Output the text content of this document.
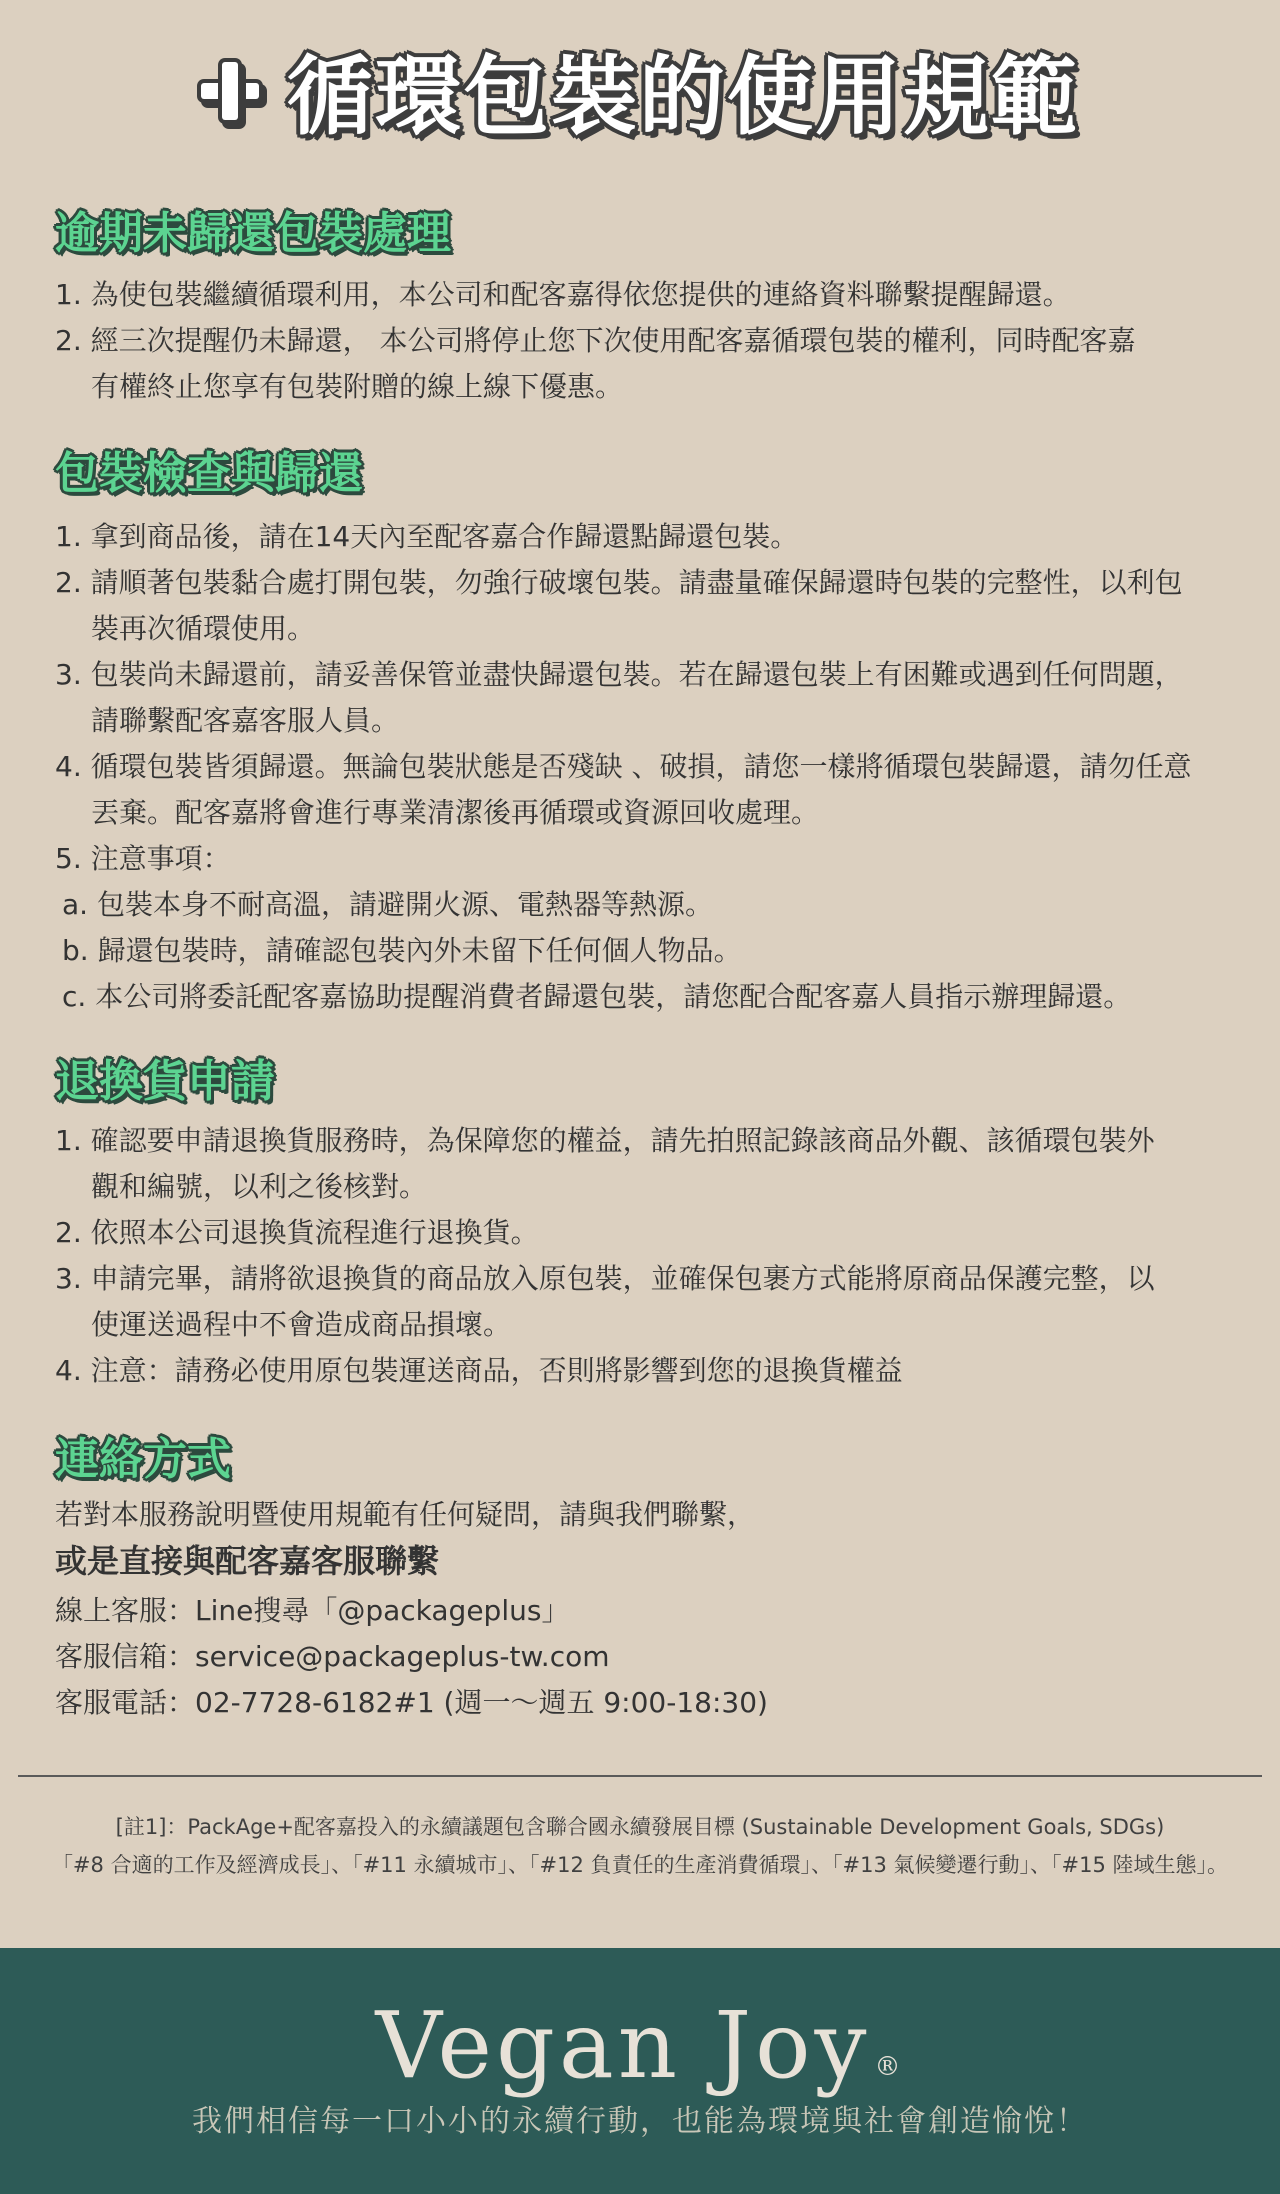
循環包裝的使用規範
逾期未歸還包裝處理
1. 為使包裝繼續循環利用，本公司和配客嘉得依您提供的連絡資料聯繫提醒歸還。
2. 經三次提醒仍未歸還， 本公司將停止您下次使用配客嘉循環包裝的權利，同時配客嘉
有權終止您享有包裝附贈的線上線下優惠。
包裝檢查與歸還
1. 拿到商品後，請在14天內至配客嘉合作歸還點歸還包裝。
2. 請順著包裝黏合處打開包裝，勿強行破壞包裝。請盡量確保歸還時包裝的完整性，以利包
裝再次循環使用。
3. 包裝尚未歸還前，請妥善保管並盡快歸還包裝。若在歸還包裝上有困難或遇到任何問題，
請聯繫配客嘉客服人員。
4. 循環包裝皆須歸還。無論包裝狀態是否殘缺 、破損，請您一樣將循環包裝歸還，請勿任意
丟棄。配客嘉將會進行專業清潔後再循環或資源回收處理。
5. 注意事項：
a. 包裝本身不耐高溫，請避開火源、電熱器等熱源。
b. 歸還包裝時，請確認包裝內外未留下任何個人物品。
c. 本公司將委託配客嘉協助提醒消費者歸還包裝，請您配合配客嘉人員指示辦理歸還。
退換貨申請
1. 確認要申請退換貨服務時，為保障您的權益，請先拍照記錄該商品外觀、該循環包裝外
觀和編號，以利之後核對。
2. 依照本公司退換貨流程進行退換貨。
3. 申請完畢，請將欲退換貨的商品放入原包裝，並確保包裹方式能將原商品保護完整，以
使運送過程中不會造成商品損壞。
4. 注意：請務必使用原包裝運送商品，否則將影響到您的退換貨權益
連絡方式
若對本服務說明暨使用規範有任何疑問，請與我們聯繫，
或是直接與配客嘉客服聯繫
線上客服：Line搜尋「@packageplus」
客服信箱：service@packageplus-tw.com
客服電話：02-7728-6182#1 (週一～週五 9:00-18:30)
[註1]：PackAge+配客嘉投入的永續議題包含聯合國永續發展目標 (Sustainable Development Goals, SDGs)
「#8 合適的工作及經濟成長」、「#11 永續城市」、「#12 負責任的生產消費循環」、「#13 氣候變遷行動」、「#15 陸域生態」。
Vegan Joy ®
我們相信每一口小小的永續行動，也能為環境與社會創造愉悅！
